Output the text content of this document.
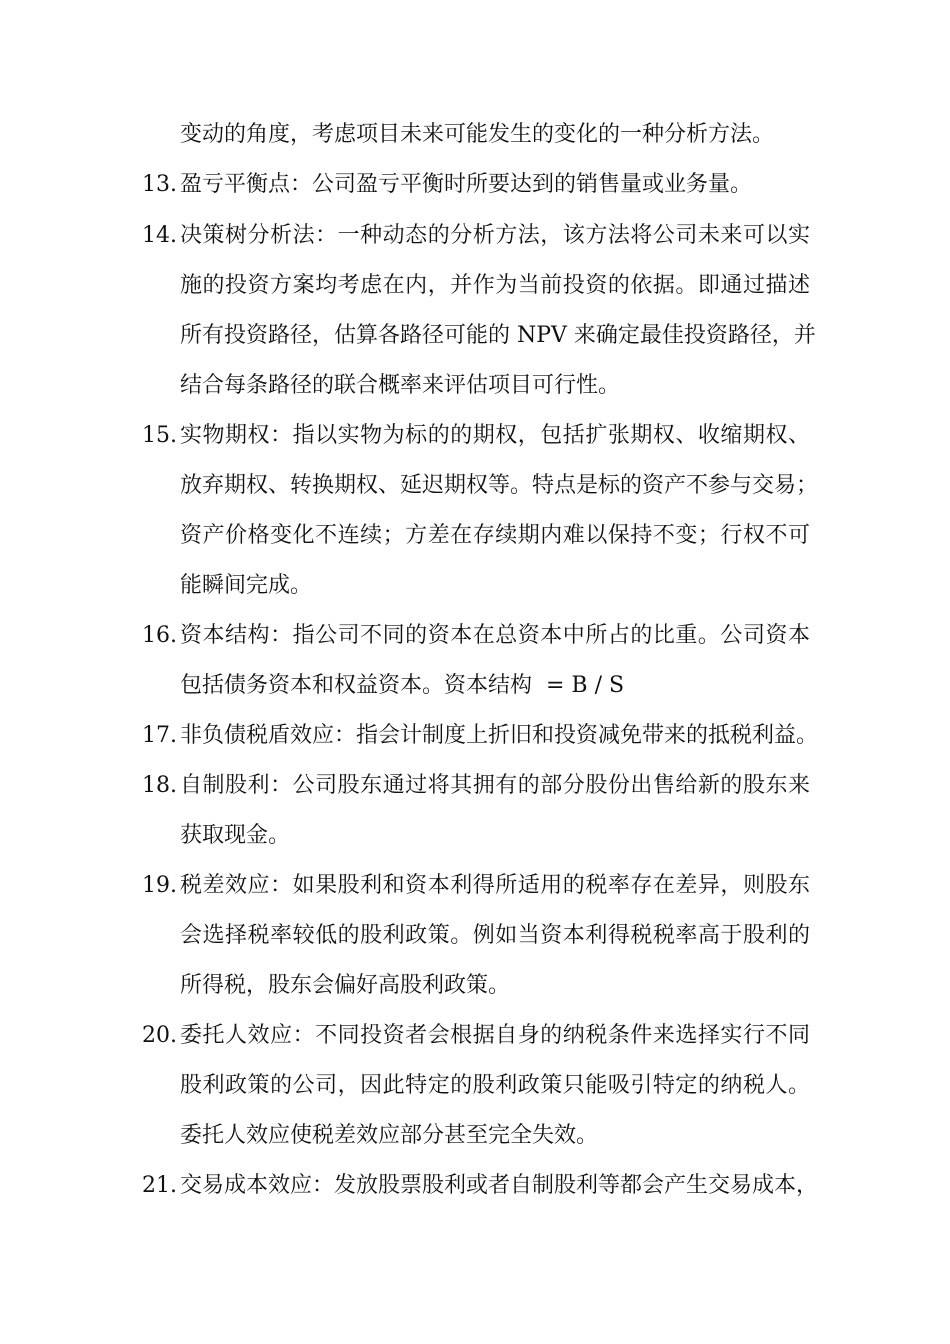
变动的角度，考虑项目未来可能发生的变化的一种分析方法。
13. 盈亏平衡点：公司盈亏平衡时所要达到的销售量或业务量。
14. 决策树分析法：一种动态的分析方法，该方法将公司未来可以实
施的投资方案均考虑在内，并作为当前投资的依据。即通过描述
所有投资路径，估算各路径可能的 NPV 来确定最佳投资路径，并
结合每条路径的联合概率来评估项目可行性。
15. 实物期权：指以实物为标的的期权，包括扩张期权、收缩期权、
放弃期权、转换期权、延迟期权等。特点是标的资产不参与交易；
资产价格变化不连续；方差在存续期内难以保持不变；行权不可
能瞬间完成。
16. 资本结构：指公司不同的资本在总资本中所占的比重。公司资本
包括债务资本和权益资本。资本结构  = B / S
17. 非负债税盾效应：指会计制度上折旧和投资减免带来的抵税利益。
18. 自制股利：公司股东通过将其拥有的部分股份出售给新的股东来
获取现金。
19. 税差效应：如果股利和资本利得所适用的税率存在差异，则股东
会选择税率较低的股利政策。例如当资本利得税税率高于股利的
所得税，股东会偏好高股利政策。
20. 委托人效应：不同投资者会根据自身的纳税条件来选择实行不同
股利政策的公司，因此特定的股利政策只能吸引特定的纳税人。
委托人效应使税差效应部分甚至完全失效。
21. 交易成本效应：发放股票股利或者自制股利等都会产生交易成本，
